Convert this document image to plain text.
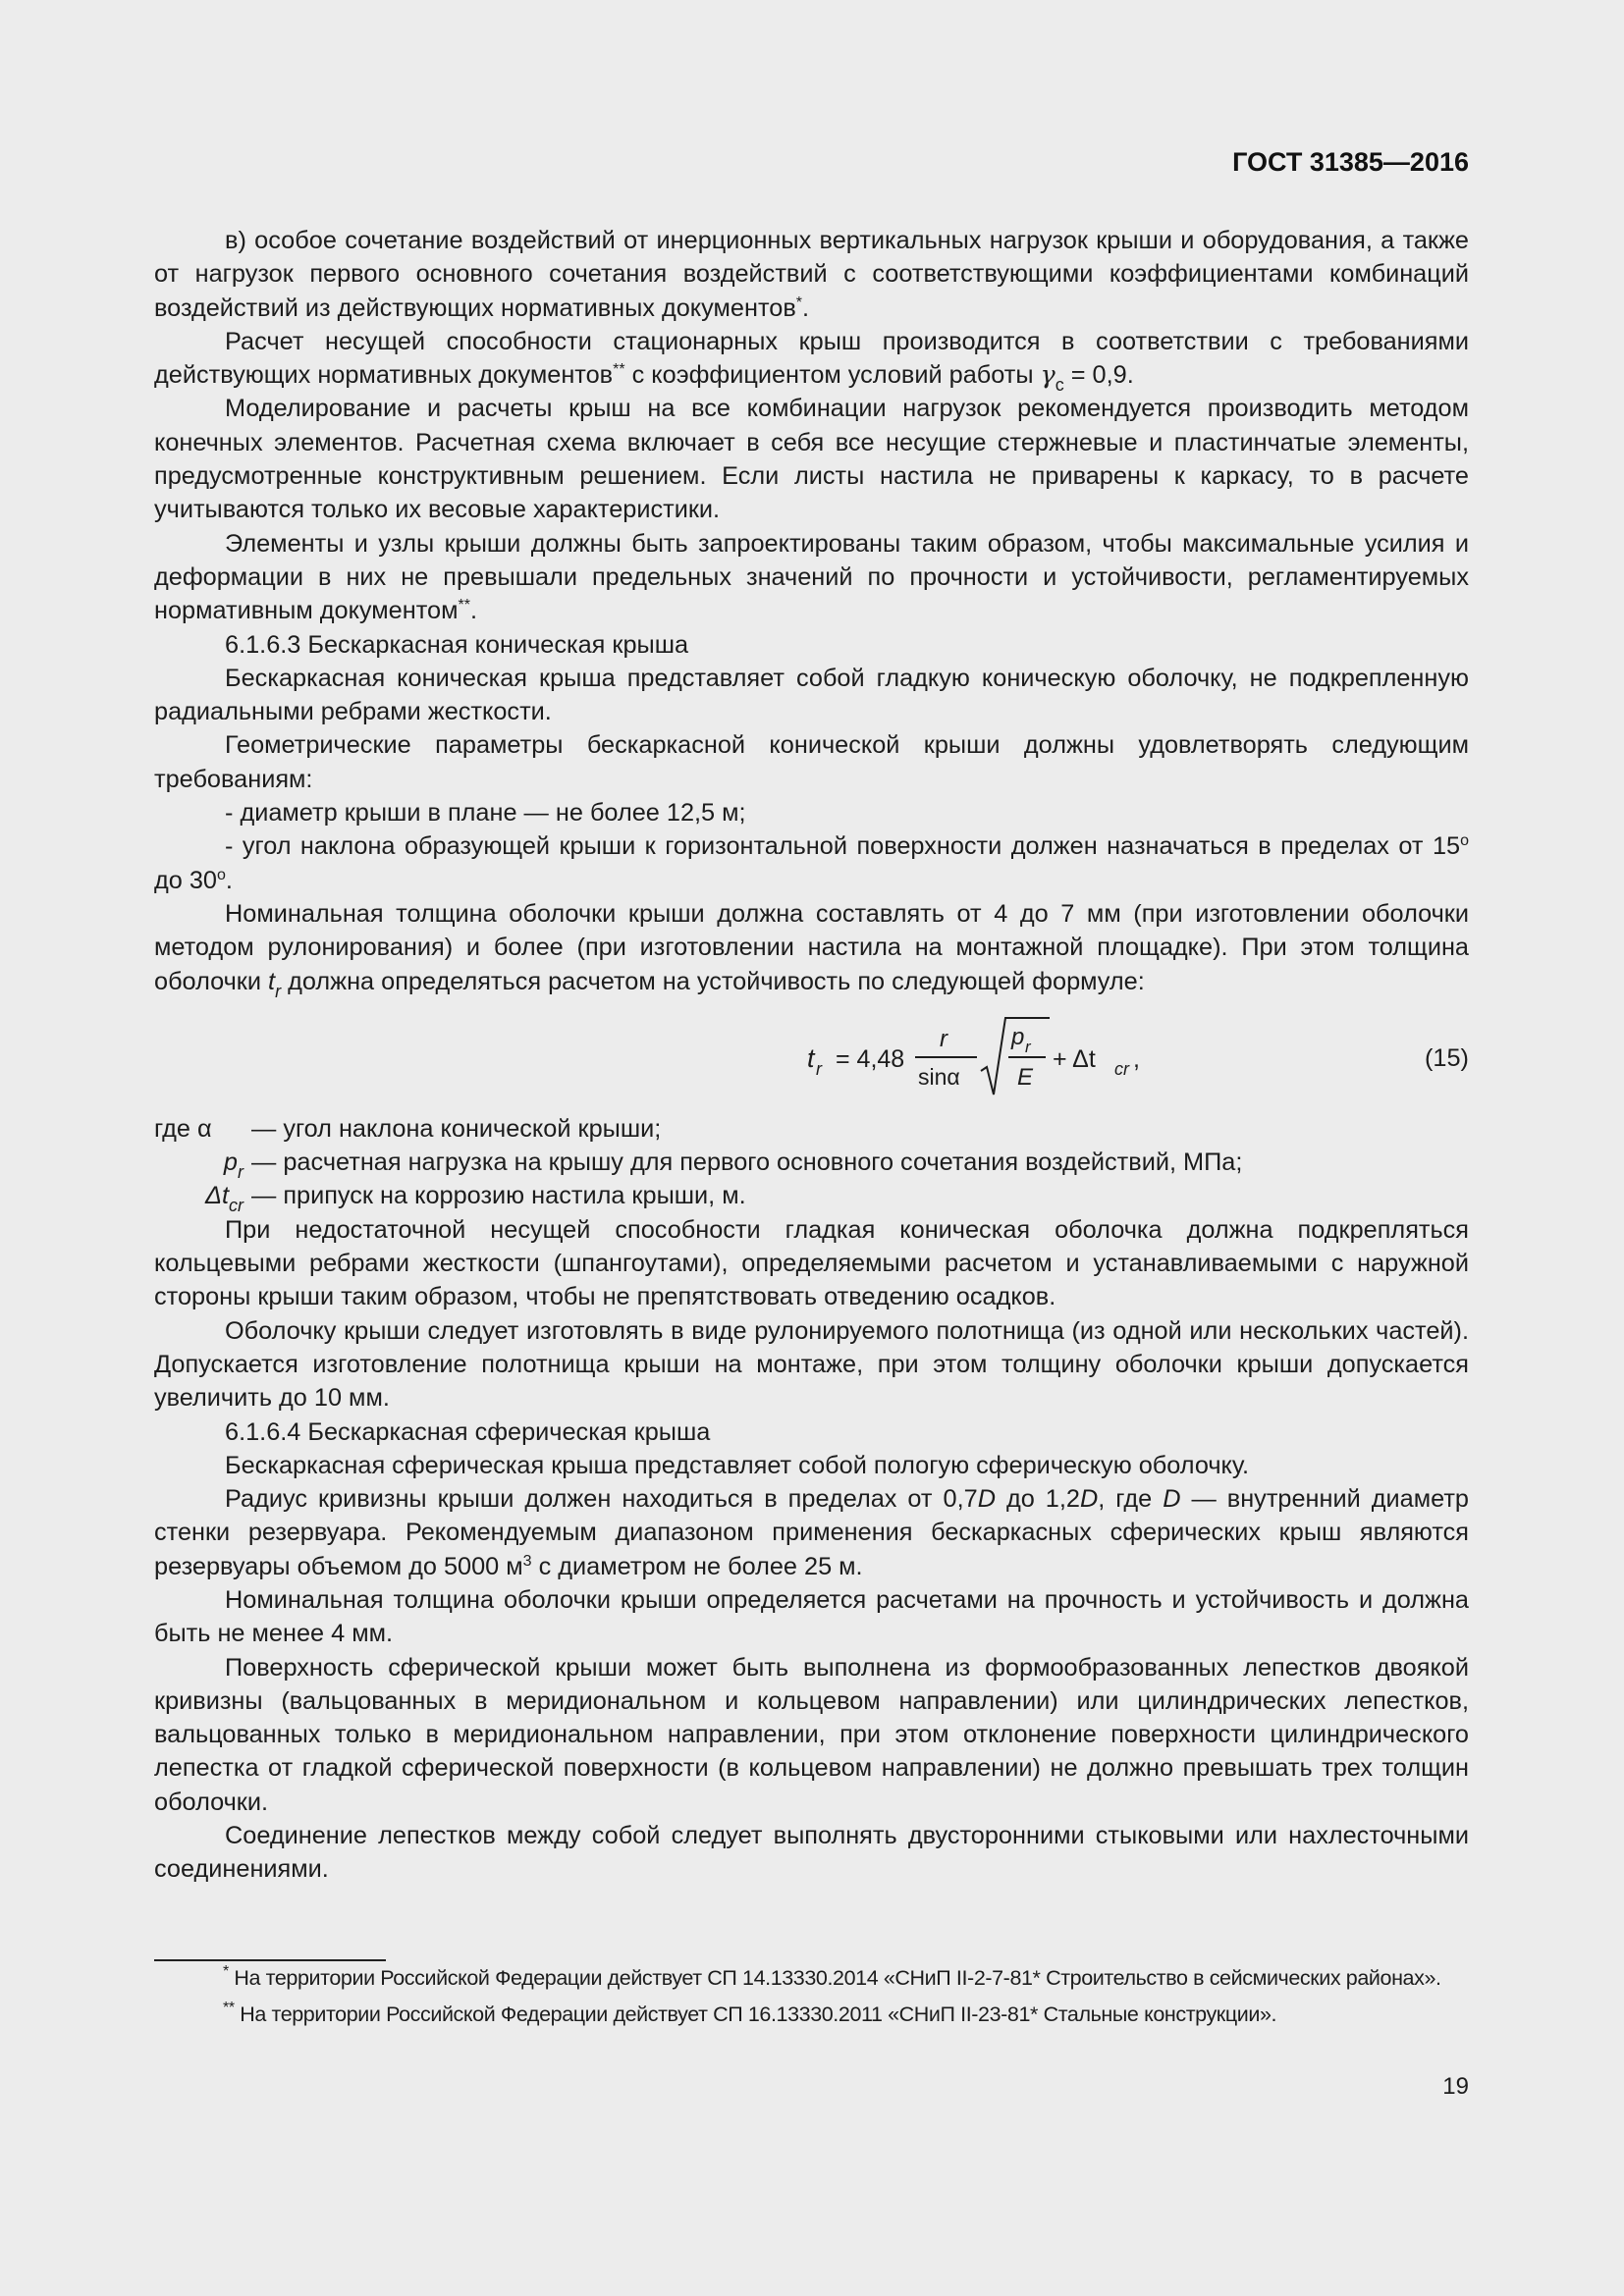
ГОСТ 31385—2016

в) особое сочетание воздействий от инерционных вертикальных нагрузок крыши и оборудования, а также от нагрузок первого основного сочетания воздействий с соответствующими коэффициентами комбинаций воздействий из действующих нормативных документов*.

Расчет несущей способности стационарных крыш производится в соответствии с требованиями действующих нормативных документов** с коэффициентом условий работы $\gamma_c = 0,9$.

Моделирование и расчеты крыш на все комбинации нагрузок рекомендуется производить методом конечных элементов. Расчетная схема включает в себя все несущие стержневые и пластинчатые элементы, предусмотренные конструктивным решением. Если листы настила не приварены к каркасу, то в расчете учитываются только их весовые характеристики.

Элементы и узлы крыши должны быть запроектированы таким образом, чтобы максимальные усилия и деформации в них не превышали предельных значений по прочности и устойчивости, регламентируемых нормативным документом**.

6.1.6.3 Бескаркасная коническая крыша

Бескаркасная коническая крыша представляет собой гладкую коническую оболочку, не подкрепленную радиальными ребрами жесткости.

Геометрические параметры бескаркасной конической крыши должны удовлетворять следующим требованиям:

- диаметр крыши в плане — не более 12,5 м;

- угол наклона образующей крыши к горизонтальной поверхности должен назначаться в пределах от $15^о$ до $30^о$.

Номинальная толщина оболочки крыши должна составлять от 4 до 7 мм (при изготовлении оболочки методом рулонирования) и более (при изготовлении настила на монтажной площадке). При этом толщина оболочки $t_r$ должна определяться расчетом на устойчивость по следующей формуле:

t r = 4,48
r
sinα
p r
E
+ Δt cr ,	(15)
где α	— угол наклона конической крыши;
$p_r$ — расчетная нагрузка на крышу для первого основного сочетания воздействий, МПа;
$\Delta t_{cr}$ — припуск на коррозию настила крыши, м.

При недостаточной несущей способности гладкая коническая оболочка должна подкрепляться кольцевыми ребрами жесткости (шпангоутами), определяемыми расчетом и устанавливаемыми с наружной стороны крыши таким образом, чтобы не препятствовать отведению осадков.

Оболочку крыши следует изготовлять в виде рулонируемого полотнища (из одной или нескольких частей). Допускается изготовление полотнища крыши на монтаже, при этом толщину оболочки крыши допускается увеличить до 10 мм.

6.1.6.4 Бескаркасная сферическая крыша

Бескаркасная сферическая крыша представляет собой пологую сферическую оболочку.

Радиус кривизны крыши должен находиться в пределах от 0,7D до 1,2D, где D — внутренний диаметр стенки резервуара. Рекомендуемым диапазоном применения бескаркасных сферических крыш являются резервуары объемом до 5000 $м^3$ с диаметром не более 25 м.

Номинальная толщина оболочки крыши определяется расчетами на прочность и устойчивость и должна быть не менее 4 мм.

Поверхность сферической крыши может быть выполнена из формообразованных лепестков двоякой кривизны (вальцованных в меридиональном и кольцевом направлении) или цилиндрических лепестков, вальцованных только в меридиональном направлении, при этом отклонение поверхности цилиндрического лепестка от гладкой сферической поверхности (в кольцевом направлении) не должно превышать трех толщин оболочки.

Соединение лепестков между собой следует выполнять двусторонними стыковыми или нахлесточными соединениями.

* На территории Российской Федерации действует СП 14.13330.2014 «СНиП II-2-7-81* Строительство в сейсмических районах».

** На территории Российской Федерации действует СП 16.13330.2011 «СНиП II-23-81* Стальные конструкции».

19
